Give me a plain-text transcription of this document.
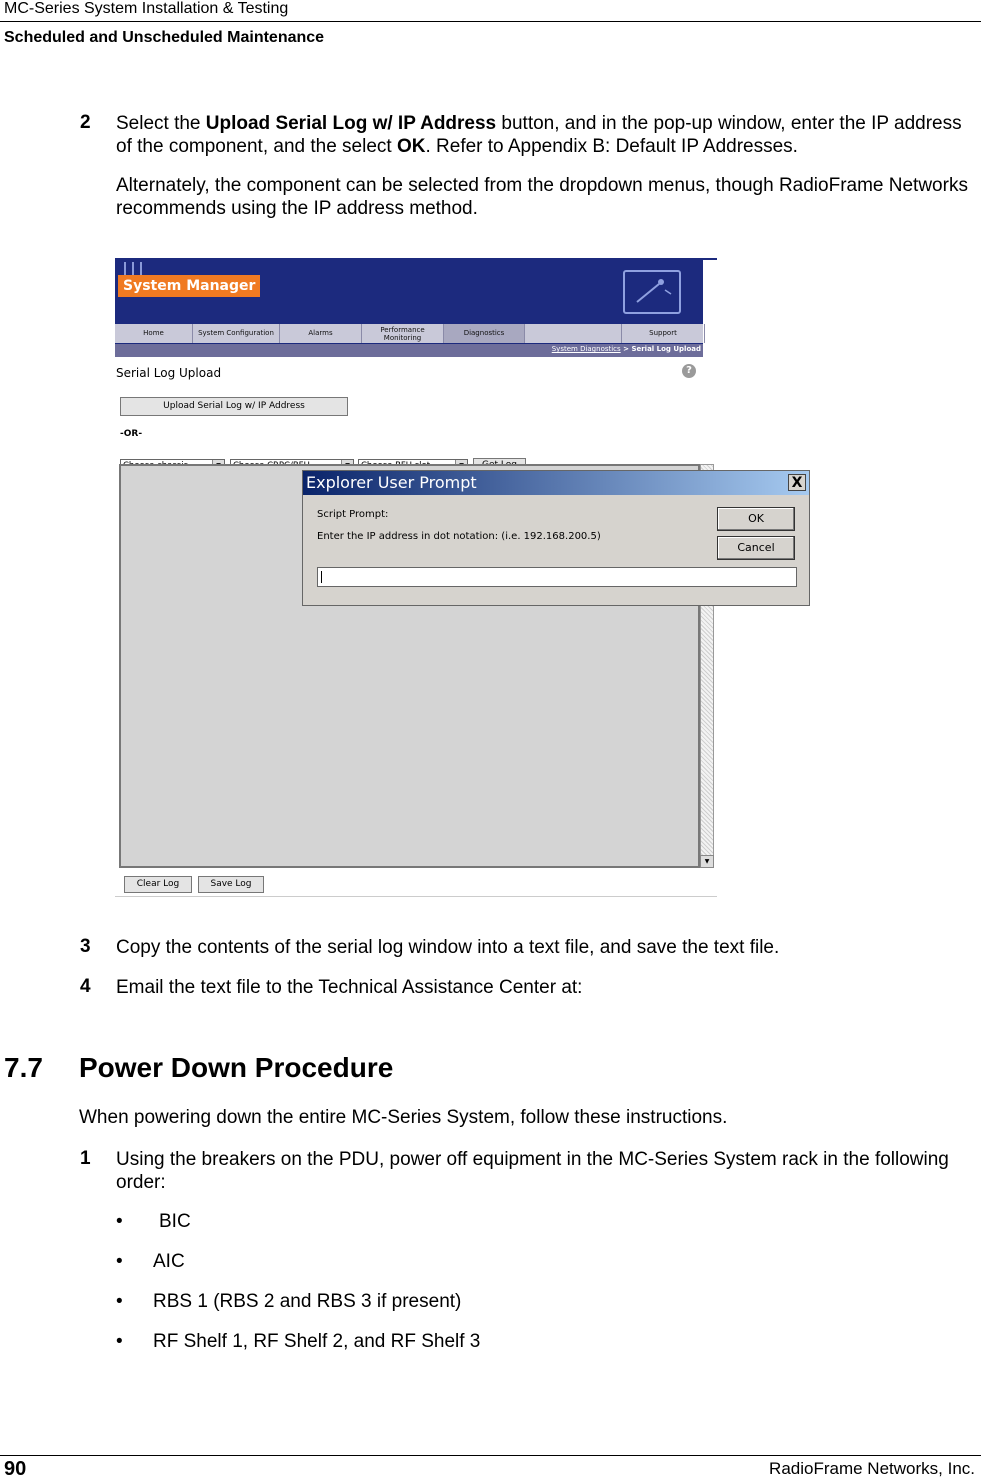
MC-Series System Installation & Testing
Scheduled and Unscheduled Maintenance
2 Select the Upload Serial Log w/ IP Address button, and in the pop-up window, enter the IP address of the component, and the select OK. Refer to Appendix B: Default IP Addresses.
Alternately, the component can be selected from the dropdown menus, though RadioFrame Networks recommends using the IP address method.
System Manager
Home	System Configuration	Alarms	Performance Monitoring
Diagnostics	Support
System Diagnostics > Serial Log Upload
Serial Log Upload	?
Upload Serial Log w/ IP Address
-OR-
▼
Clear Log	Save Log
Explorer User Prompt	X
Script Prompt:
Enter the IP address in dot notation: (i.e. 192.168.200.5)
OK
Cancel
3 Copy the contents of the serial log window into a text file, and save the text file.
4 Email the text file to the Technical Assistance Center at:
7.7 Power Down Procedure
When powering down the entire MC-Series System, follow these instructions.
1 Using the breakers on the PDU, power off equipment in the MC-Series System rack in the following order:
• BIC
• AIC
• RBS 1 (RBS 2 and RBS 3 if present)
• RF Shelf 1, RF Shelf 2, and RF Shelf 3
90	RadioFrame Networks, Inc.
